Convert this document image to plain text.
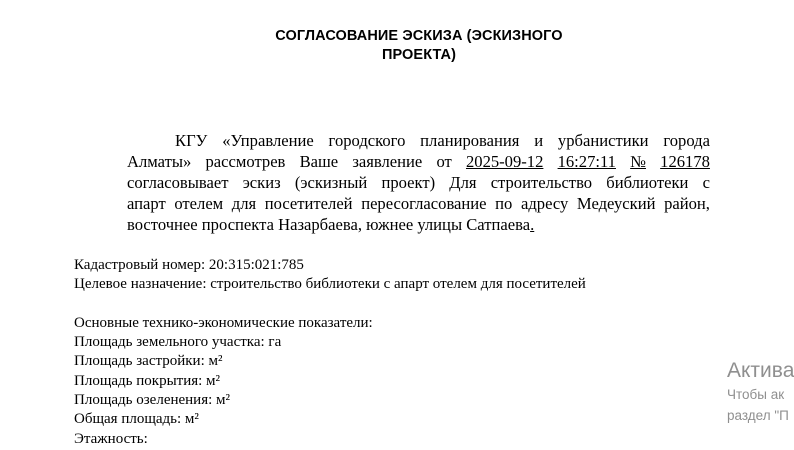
СОГЛАСОВАНИЕ ЭСКИЗА (ЭСКИЗНОГО
ПРОЕКТА)
КГУ «Управление городского планирования и урбанистики города
Алматы» рассмотрев Ваше заявление от 2025-09-12 16:27:11 № 126178
согласовывает эскиз (эскизный проект) Для строительство библиотеки с
апарт отелем для посетителей пересогласование по адресу Медеуский район,
восточнее проспекта Назарбаева, южнее улицы Сатпаева.
Кадастровый номер: 20:315:021:785
Целевое назначение: строительство библиотеки с апарт отелем для посетителей
Основные технико-экономические показатели:
Площадь земельного участка: га
Площадь застройки: м²
Площадь покрытия: м²
Площадь озеленения: м²
Общая площадь: м²
Этажность:
Актива
Чтобы ак
раздел "П
